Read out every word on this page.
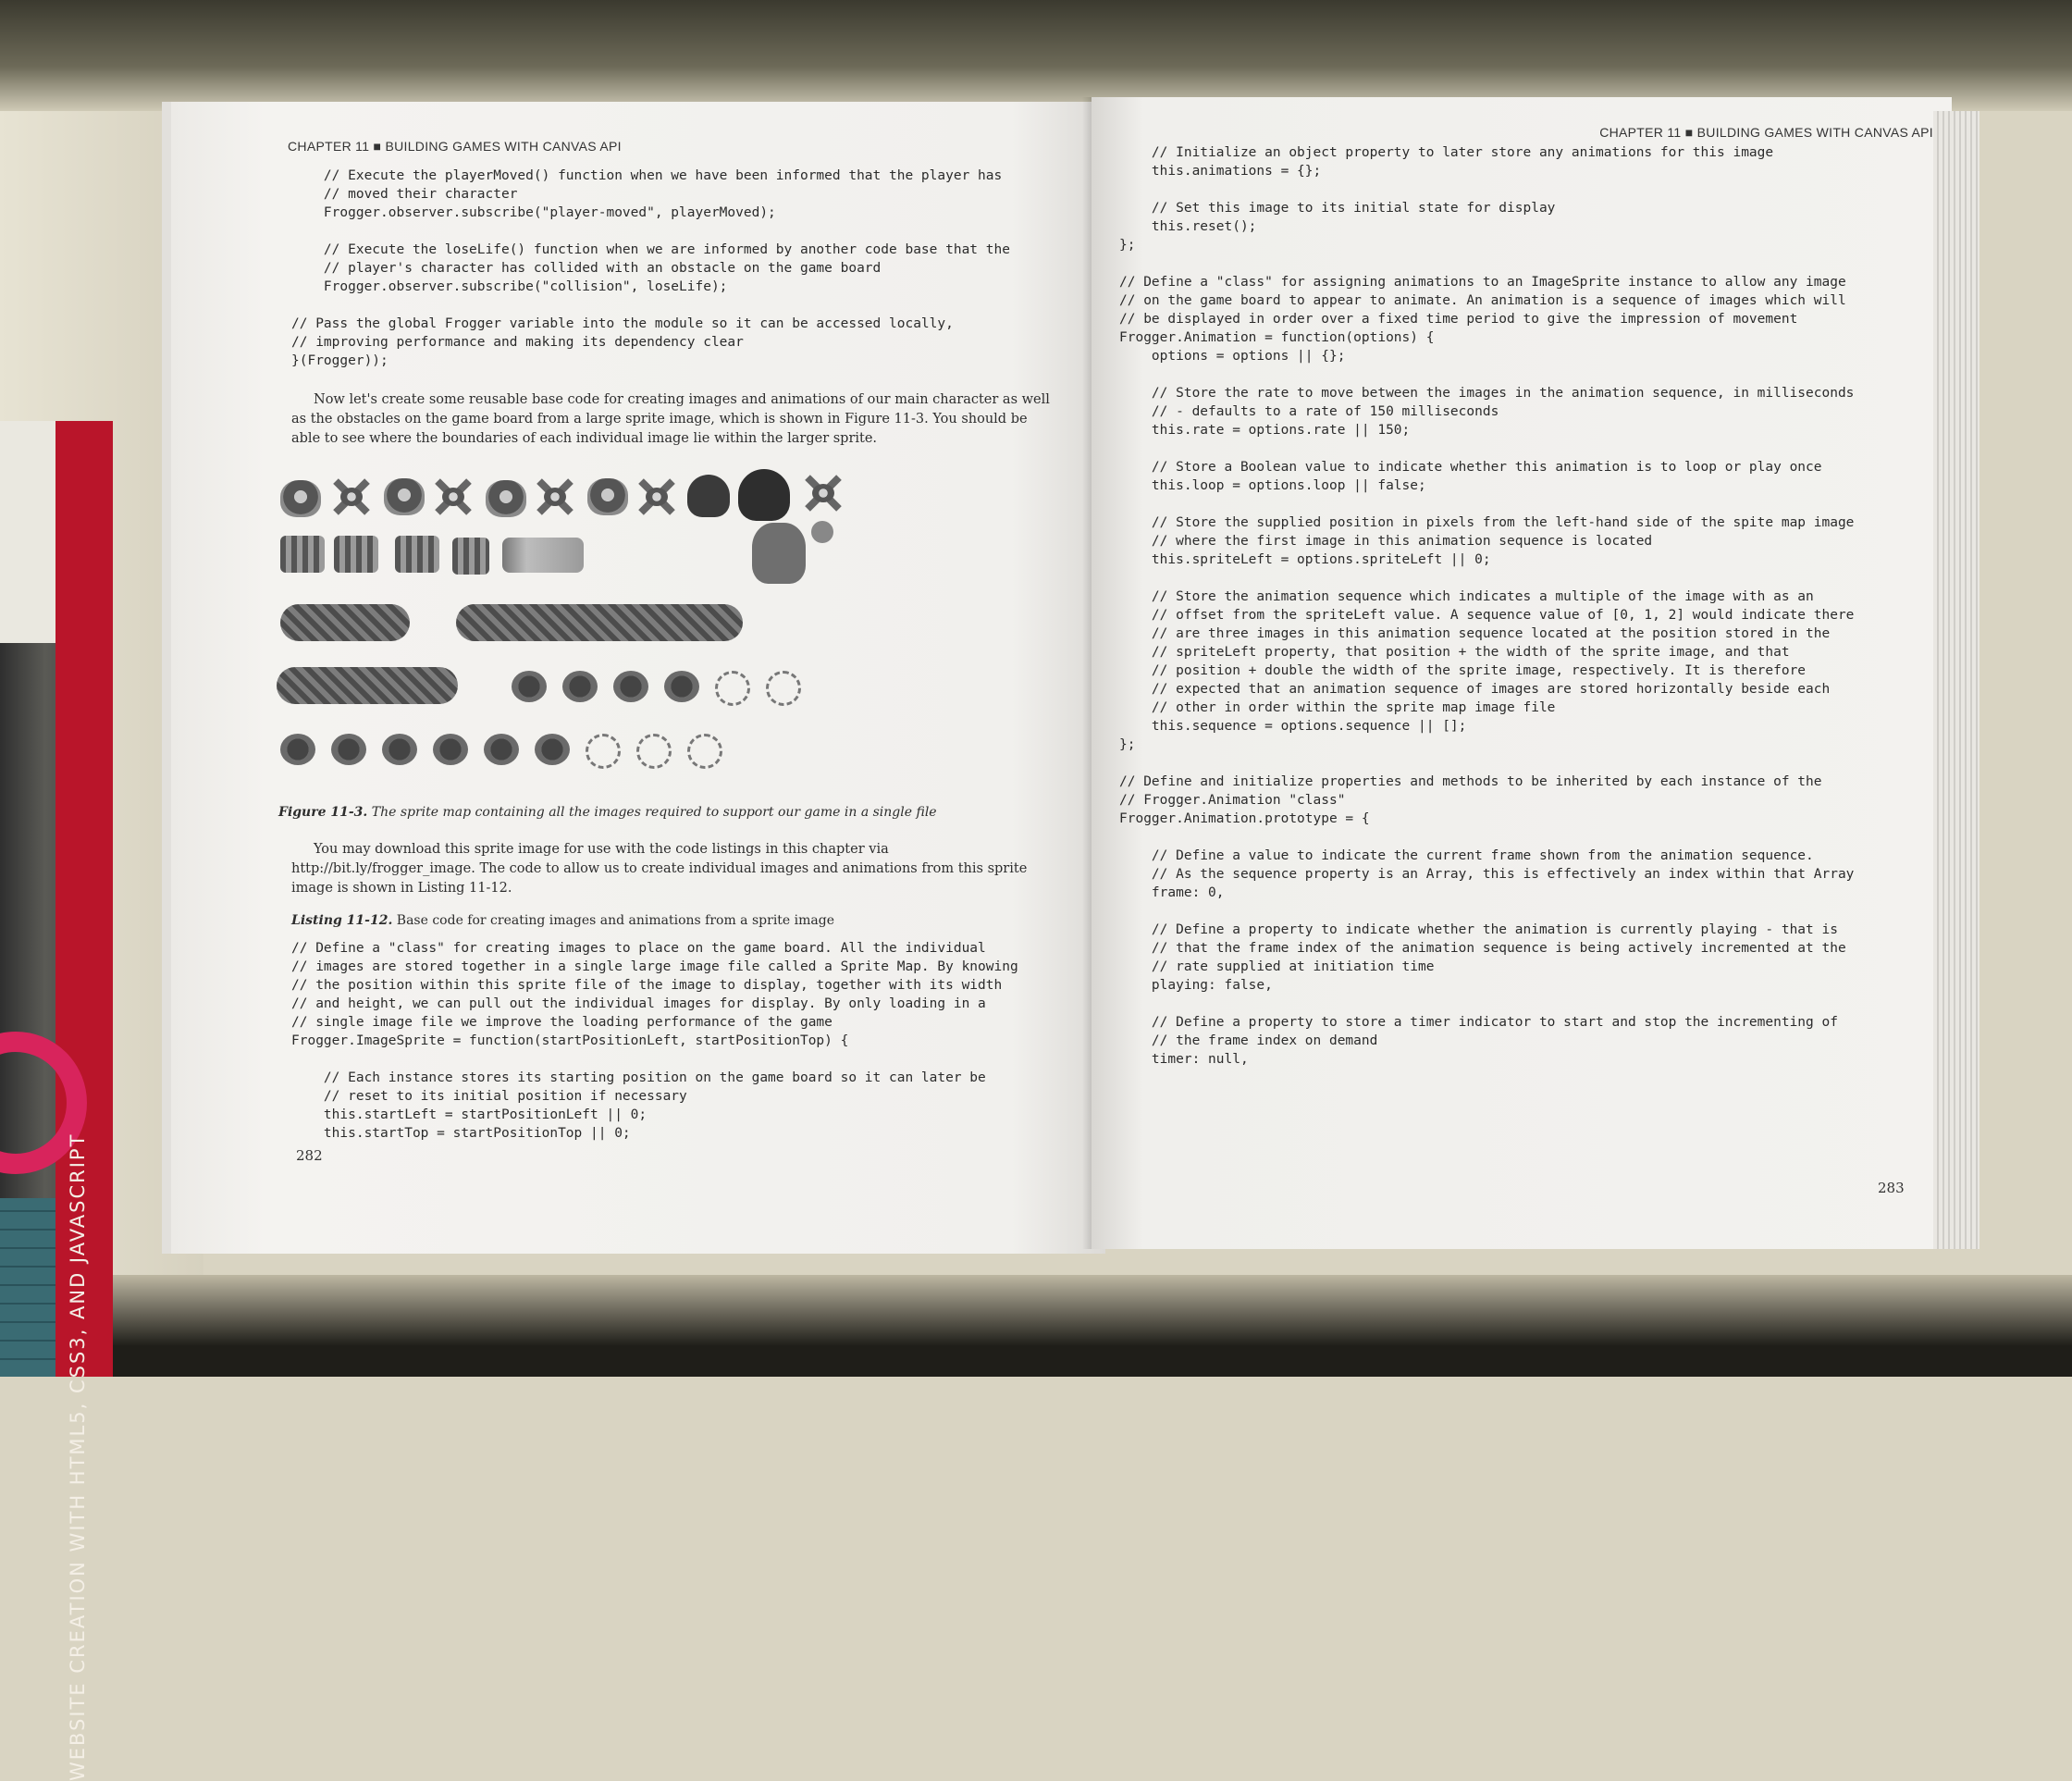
WEBSITE CREATION WITH HTML5, CSS3, AND JAVASCRIPT
CHAPTER 11 ■ BUILDING GAMES WITH CANVAS API
// Execute the playerMoved() function when we have been informed that the player has
// moved their character
Frogger.observer.subscribe("player-moved", playerMoved);

// Execute the loseLife() function when we are informed by another code base that the
// player's character has collided with an obstacle on the game board
Frogger.observer.subscribe("collision", loseLife);

// Pass the global Frogger variable into the module so it can be accessed locally,
// improving performance and making its dependency clear
}(Frogger));

Now let's create some reusable base code for creating images and animations of our main character as well as the obstacles on the game board from a large sprite image, which is shown in Figure 11-3. You should be able to see where the boundaries of each individual image lie within the larger sprite.

Figure 11-3. The sprite map containing all the images required to support our game in a single file

You may download this sprite image for use with the code listings in this chapter via http://bit.ly/frogger_image. The code to allow us to create individual images and animations from this sprite image is shown in Listing 11-12.

Listing 11-12. Base code for creating images and animations from a sprite image
// Define a "class" for creating images to place on the game board. All the individual
// images are stored together in a single large image file called a Sprite Map. By knowing
// the position within this sprite file of the image to display, together with its width
// and height, we can pull out the individual images for display. By only loading in a
// single image file we improve the loading performance of the game
Frogger.ImageSprite = function(startPositionLeft, startPositionTop) {

// Each instance stores its starting position on the game board so it can later be
// reset to its initial position if necessary
this.startLeft = startPositionLeft || 0;
this.startTop = startPositionTop || 0;
282
CHAPTER 11 ■ BUILDING GAMES WITH CANVAS API
// Initialize an object property to later store any animations for this image
this.animations = {};

// Set this image to its initial state for display
this.reset();
};

// Define a "class" for assigning animations to an ImageSprite instance to allow any image
// on the game board to appear to animate. An animation is a sequence of images which will
// be displayed in order over a fixed time period to give the impression of movement
Frogger.Animation = function(options) {
options = options || {};

// Store the rate to move between the images in the animation sequence, in milliseconds
// - defaults to a rate of 150 milliseconds
this.rate = options.rate || 150;

// Store a Boolean value to indicate whether this animation is to loop or play once
this.loop = options.loop || false;

// Store the supplied position in pixels from the left-hand side of the spite map image
// where the first image in this animation sequence is located
this.spriteLeft = options.spriteLeft || 0;

// Store the animation sequence which indicates a multiple of the image with as an
// offset from the spriteLeft value. A sequence value of [0, 1, 2] would indicate there
// are three images in this animation sequence located at the position stored in the
// spriteLeft property, that position + the width of the sprite image, and that
// position + double the width of the sprite image, respectively. It is therefore
// expected that an animation sequence of images are stored horizontally beside each
// other in order within the sprite map image file
this.sequence = options.sequence || [];
};

// Define and initialize properties and methods to be inherited by each instance of the
// Frogger.Animation "class"
Frogger.Animation.prototype = {

// Define a value to indicate the current frame shown from the animation sequence.
// As the sequence property is an Array, this is effectively an index within that Array
frame: 0,

// Define a property to indicate whether the animation is currently playing - that is
// that the frame index of the animation sequence is being actively incremented at the
// rate supplied at initiation time
playing: false,

// Define a property to store a timer indicator to start and stop the incrementing of
// the frame index on demand
timer: null,
283
